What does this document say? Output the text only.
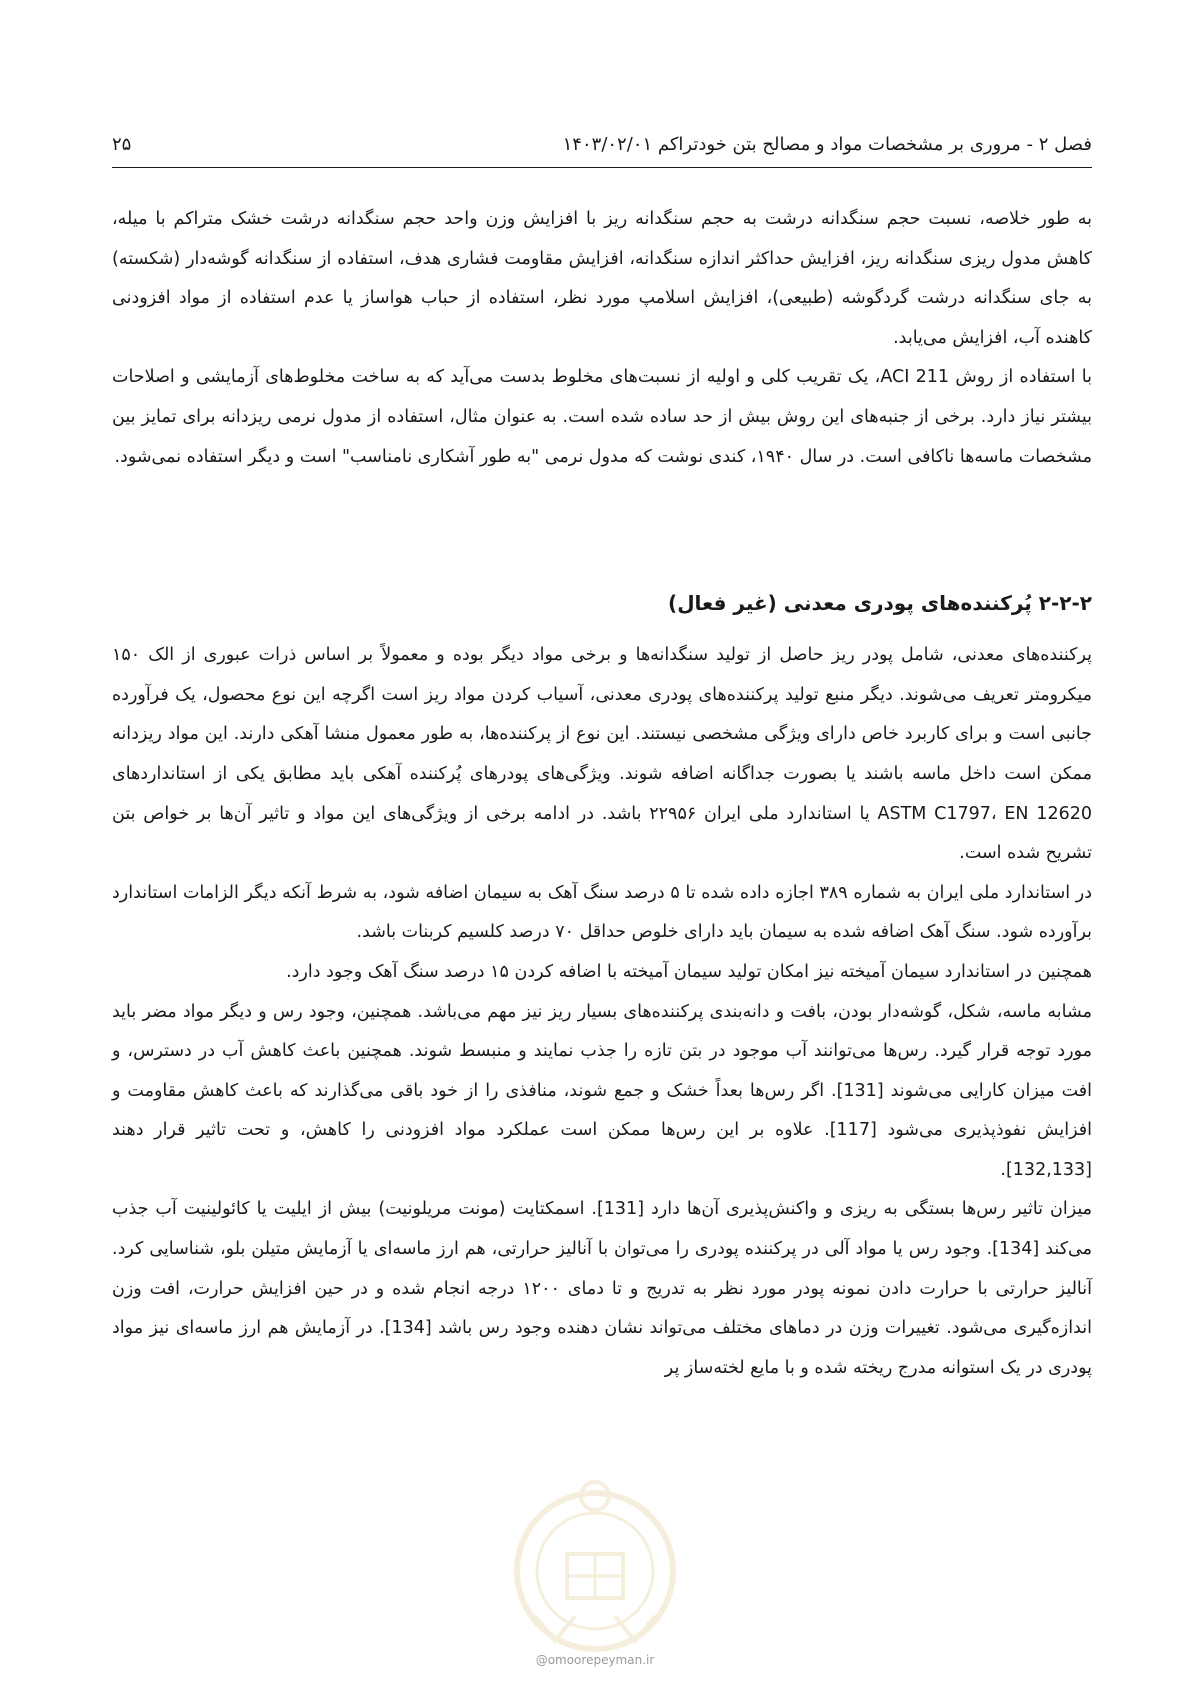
فصل ۲ - مروری بر مشخصات مواد و مصالح بتن خودتراکم ۱۴۰۳/۰۲/۰۱
۲۵

به طور خلاصه، نسبت حجم سنگدانه درشت به حجم سنگدانه ریز با افزایش وزن واحد حجم سنگدانه درشت خشک متراکم با میله، کاهش مدول ریزی سنگدانه ریز، افزایش حداکثر اندازه سنگدانه، افزایش مقاومت فشاری هدف، استفاده از سنگدانه گوشه‌دار (شکسته) به جای سنگدانه درشت گردگوشه (طبیعی)، افزایش اسلامپ مورد نظر، استفاده از حباب هواساز یا عدم استفاده از مواد افزودنی کاهنده آب، افزایش می‌یابد.

با استفاده از روش ACI 211، یک تقریب کلی و اولیه از نسبت‌های مخلوط بدست می‌آید که به ساخت مخلوط‌های آزمایشی و اصلاحات بیشتر نیاز دارد. برخی از جنبه‌های این روش بیش از حد ساده شده است. به عنوان مثال، استفاده از مدول نرمی ریزدانه برای تمایز بین مشخصات ماسه‌ها ناکافی است. در سال ۱۹۴۰، کندی نوشت که مدول نرمی "به طور آشکاری نامناسب" است و دیگر استفاده نمی‌شود.

۲-۲-۲ پُرکننده‌های پودری معدنی (غیر فعال)

پرکننده‌های معدنی، شامل پودر ریز حاصل از تولید سنگدانه‌ها و برخی مواد دیگر بوده و معمولاً بر اساس ذرات عبوری از الک ۱۵۰ میکرومتر تعریف می‌شوند. دیگر منبع تولید پرکننده‌های پودری معدنی، آسیاب کردن مواد ریز است اگرچه این نوع محصول، یک فرآورده جانبی است و برای کاربرد خاص دارای ویژگی مشخصی نیستند. این نوع از پرکننده‌ها، به طور معمول منشا آهکی دارند. این مواد ریزدانه ممکن است داخل ماسه باشند یا بصورت جداگانه اضافه شوند. ویژگی‌های پودرهای پُرکننده آهکی باید مطابق یکی از استانداردهای ASTM C1797، EN 12620 یا استاندارد ملی ایران ۲۲۹۵۶ باشد. در ادامه برخی از ویژگی‌های این مواد و تاثیر آن‌ها بر خواص بتن تشریح شده است.

در استاندارد ملی ایران به شماره ۳۸۹ اجازه داده شده تا ۵ درصد سنگ آهک به سیمان اضافه شود، به شرط آنکه دیگر الزامات استاندارد برآورده شود. سنگ آهک اضافه شده به سیمان باید دارای خلوص حداقل ۷۰ درصد کلسیم کربنات باشد.

همچنین در استاندارد سیمان آمیخته نیز امکان تولید سیمان آمیخته با اضافه کردن ۱۵ درصد سنگ آهک وجود دارد.

مشابه ماسه، شکل، گوشه‌دار بودن، بافت و دانه‌بندی پرکننده‌های بسیار ریز نیز مهم می‌باشد. همچنین، وجود رس و دیگر مواد مضر باید مورد توجه قرار گیرد. رس‌ها می‌توانند آب موجود در بتن تازه را جذب نمایند و منبسط شوند. همچنین باعث کاهش آب در دسترس، و افت میزان کارایی می‌شوند [131]. اگر رس‌ها بعداً خشک و جمع شوند، منافذی را از خود باقی می‌گذارند که باعث کاهش مقاومت و افزایش نفوذپذیری می‌شود [117]. علاوه بر این رس‌ها ممکن است عملکرد مواد افزودنی را کاهش، و تحت تاثیر قرار دهند [132,133].

میزان تاثیر رس‌ها بستگی به ریزی و واکنش‌پذیری آن‌ها دارد [131]. اسمکتایت (مونت مریلونیت) بیش از ایلیت یا کائولینیت آب جذب می‌کند [134]. وجود رس یا مواد آلی در پرکننده پودری را می‌توان با آنالیز حرارتی، هم ارز ماسه‌ای یا آزمایش متیلن بلو، شناسایی کرد. آنالیز حرارتی با حرارت دادن نمونه پودر مورد نظر به تدریج و تا دمای ۱۲۰۰ درجه انجام شده و در حین افزایش حرارت، افت وزن اندازه‌گیری می‌شود. تغییرات وزن در دماهای مختلف می‌تواند نشان دهنده وجود رس باشد [134]. در آزمایش هم ارز ماسه‌ای نیز مواد پودری در یک استوانه مدرج ریخته شده و با مایع لخته‌ساز پر

@omoorepeyman.ir
